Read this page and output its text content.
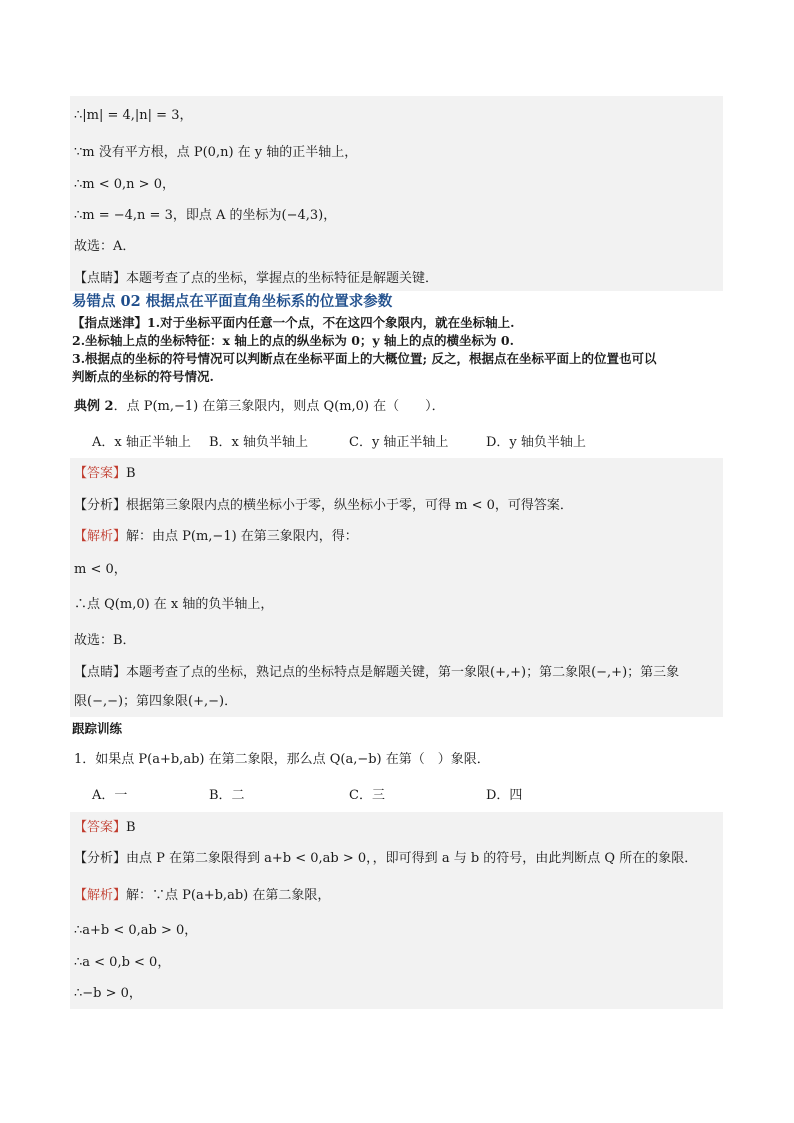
∴|m| = 4,|n| = 3，
∵m 没有平方根，点 P(0,n) 在 y 轴的正半轴上，
∴m < 0,n > 0，
∴m = −4,n = 3，即点 A 的坐标为(−4,3)，
故选：A．
【点睛】本题考查了点的坐标，掌握点的坐标特征是解题关键．
易错点 02 根据点在平面直角坐标系的位置求参数
【指点迷津】1.对于坐标平面内任意一个点，不在这四个象限内，就在坐标轴上.
2.坐标轴上点的坐标特征：x 轴上的点的纵坐标为 0；y 轴上的点的横坐标为 0.
3.根据点的坐标的符号情况可以判断点在坐标平面上的大概位置; 反之，根据点在坐标平面上的位置也可以
判断点的坐标的符号情况.
典例 2．点 P(m,−1) 在第三象限内，则点 Q(m,0) 在（　　）．
A．x 轴正半轴上 B．x 轴负半轴上	C．y 轴正半轴上	D．y 轴负半轴上
【答案】B
【分析】根据第三象限内点的横坐标小于零，纵坐标小于零，可得 m < 0，可得答案．
【解析】解：由点 P(m,−1) 在第三象限内，得：
m < 0，
∴点 Q(m,0) 在 x 轴的负半轴上，
故选：B．
【点睛】本题考查了点的坐标，熟记点的坐标特点是解题关键，第一象限(+,+)；第二象限(−,+)；第三象
限(−,−)；第四象限(+,−)．
跟踪训练
1．如果点 P(a+b,ab) 在第二象限，那么点 Q(a,−b) 在第（　）象限．
A．一	B．二	C．三	D．四
【答案】B
【分析】由点 P 在第二象限得到 a+b < 0,ab > 0，，即可得到 a 与 b 的符号，由此判断点 Q 所在的象限．
【解析】解：∵点 P(a+b,ab) 在第二象限，
∴a+b < 0,ab > 0，
∴a < 0,b < 0，
∴−b > 0，
